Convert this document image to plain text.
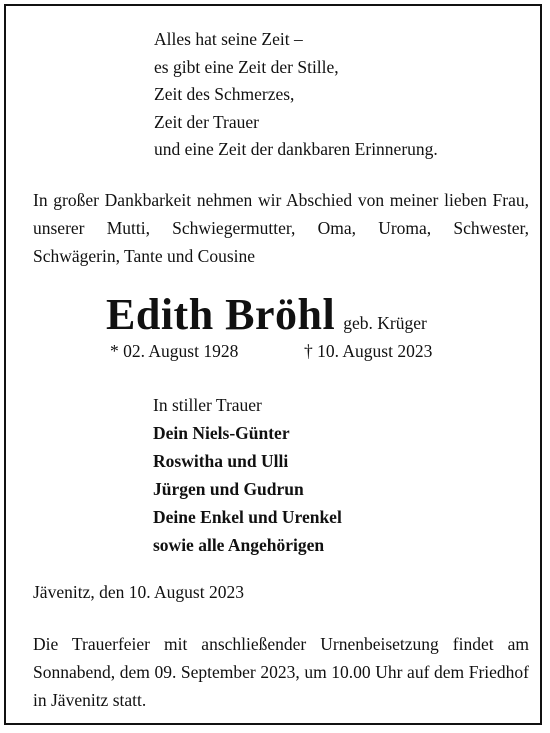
Alles hat seine Zeit –
es gibt eine Zeit der Stille,
Zeit des Schmerzes,
Zeit der Trauer
und eine Zeit der dankbaren Erinnerung.
In großer Dankbarkeit nehmen wir Abschied von meiner lieben Frau, unserer Mutti, Schwiegermutter, Oma, Uroma, Schwester, Schwägerin, Tante und Cousine
Edith Bröhl geb. Krüger
* 02. August 1928	† 10. August 2023
In stiller Trauer
Dein Niels-Günter
Roswitha und Ulli
Jürgen und Gudrun
Deine Enkel und Urenkel
sowie alle Angehörigen
Jävenitz, den 10. August 2023
Die Trauerfeier mit anschließender Urnenbeisetzung findet am Sonnabend, dem 09. September 2023, um 10.00 Uhr auf dem Friedhof in Jävenitz statt.
